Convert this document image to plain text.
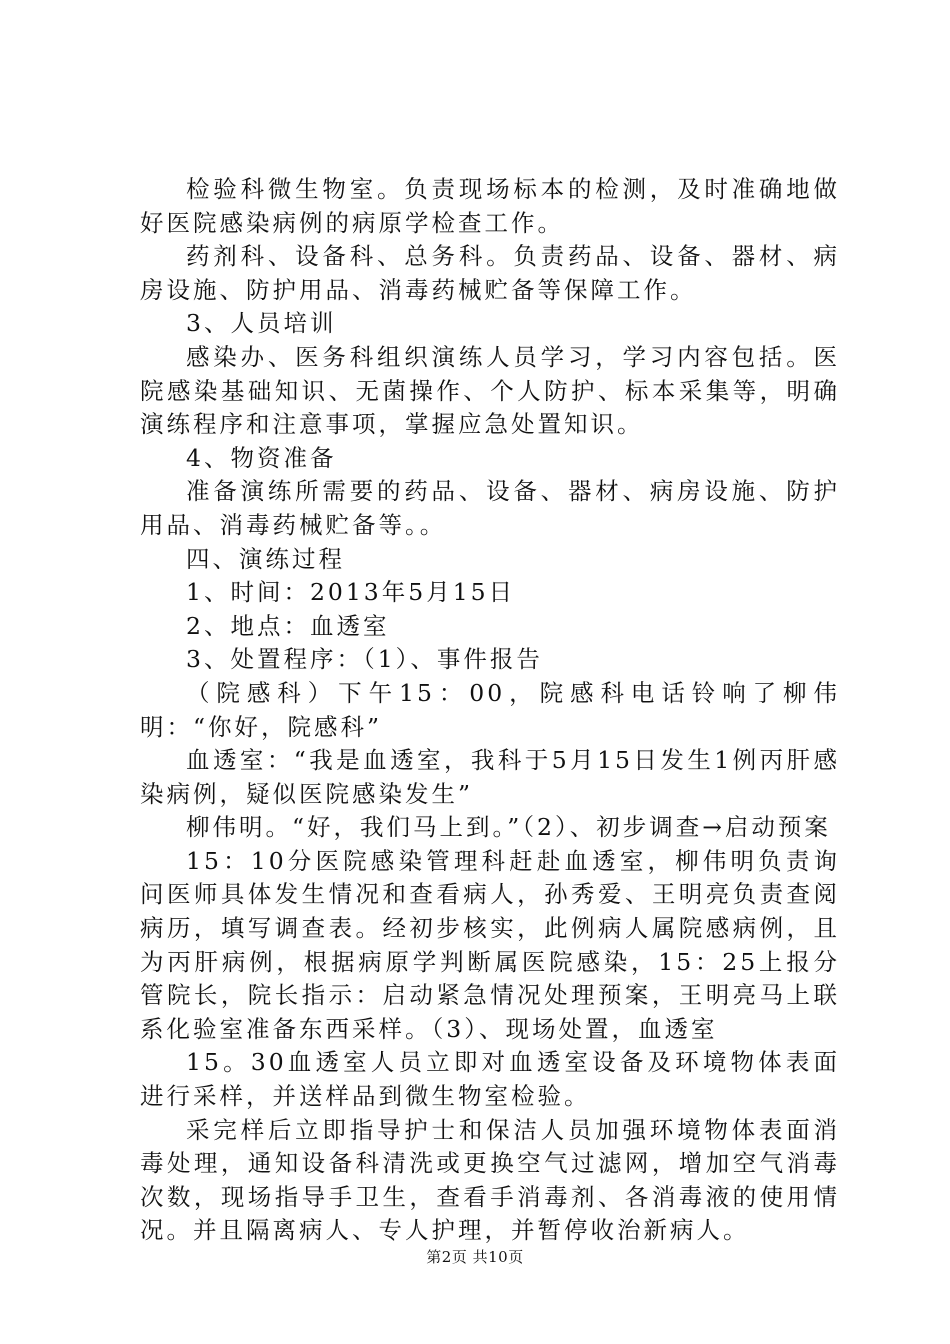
检验科微生物室。负责现场标本的检测，及时准确地做好医院感染病例的病原学检查工作。

药剂科、设备科、总务科。负责药品、设备、器材、病房设施、防护用品、消毒药械贮备等保障工作。

3、人员培训

感染办、医务科组织演练人员学习，学习内容包括。医院感染基础知识、无菌操作、个人防护、标本采集等，明确演练程序和注意事项，掌握应急处置知识。

4、物资准备

准备演练所需要的药品、设备、器材、病房设施、防护用品、消毒药械贮备等。。

四、演练过程

1、时间：2013年5月15日

2、地点：血透室

3、处置程序：（1）、事件报告

（院感科）下午15：00，院感科电话铃响了柳伟明：“你好，院感科”

血透室：“我是血透室，我科于5月15日发生1例丙肝感染病例，疑似医院感染发生”

柳伟明。“好，我们马上到。”（2）、初步调查→启动预案

15：10分医院感染管理科赶赴血透室，柳伟明负责询问医师具体发生情况和查看病人，孙秀爱、王明亮负责查阅病历，填写调查表。经初步核实，此例病人属院感病例，且为丙肝病例，根据病原学判断属医院感染，15：25上报分管院长，院长指示：启动紧急情况处理预案，王明亮马上联系化验室准备东西采样。（3）、现场处置，血透室

15。30血透室人员立即对血透室设备及环境物体表面进行采样，并送样品到微生物室检验。

采完样后立即指导护士和保洁人员加强环境物体表面消毒处理，通知设备科清洗或更换空气过滤网，增加空气消毒次数，现场指导手卫生，查看手消毒剂、各消毒液的使用情况。并且隔离病人、专人护理，并暂停收治新病人。

第2页 共10页
